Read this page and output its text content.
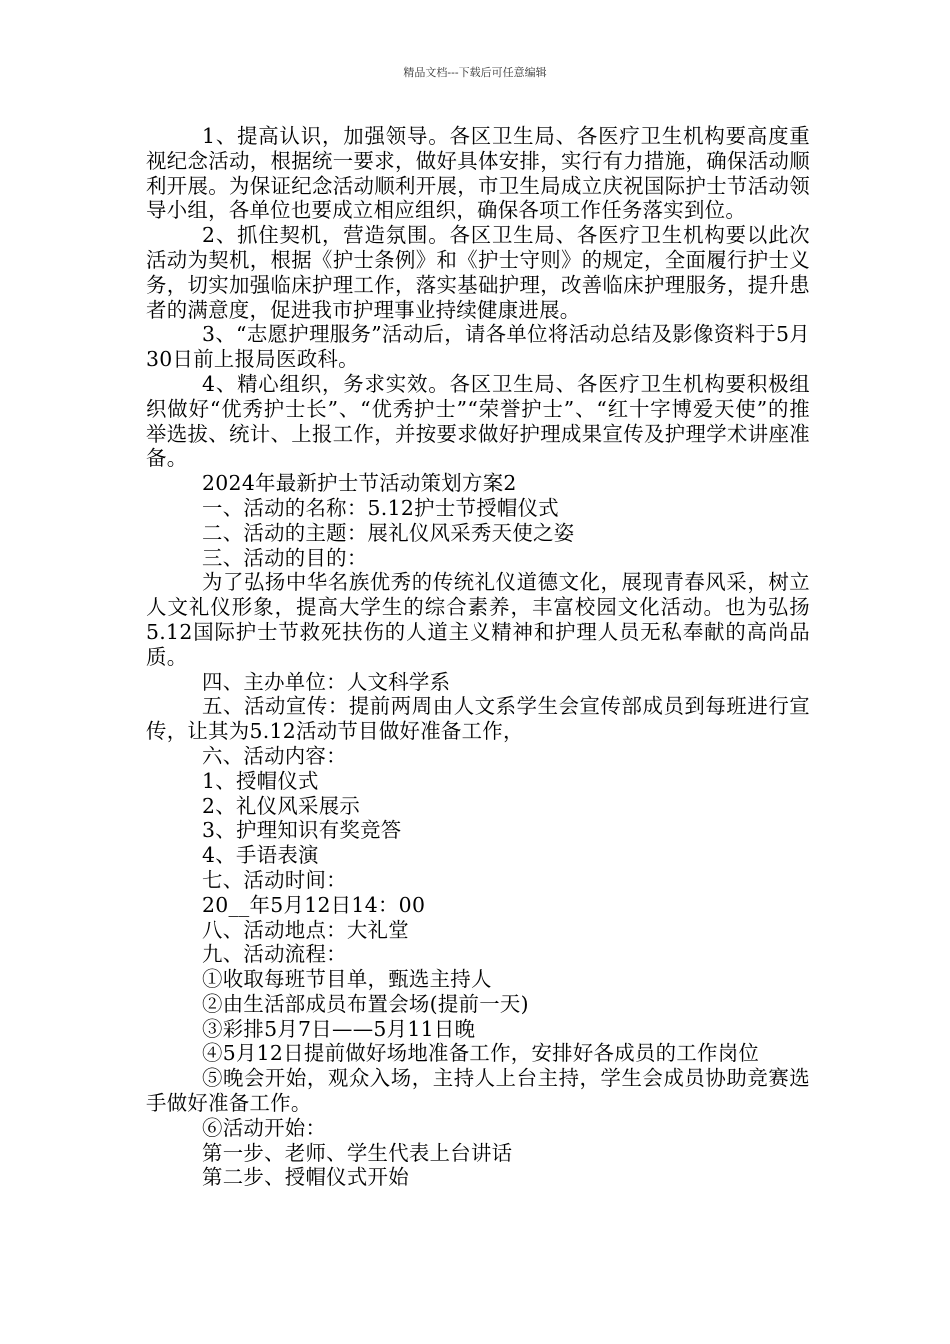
精品文档---下载后可任意编辑

1、提高认识，加强领导。各区卫生局、各医疗卫生机构要高度重视纪念活动，根据统一要求，做好具体安排，实行有力措施，确保活动顺利开展。为保证纪念活动顺利开展，市卫生局成立庆祝国际护士节活动领导小组，各单位也要成立相应组织，确保各项工作任务落实到位。

2、抓住契机，营造氛围。各区卫生局、各医疗卫生机构要以此次活动为契机，根据《护士条例》和《护士守则》的规定，全面履行护士义务，切实加强临床护理工作，落实基础护理，改善临床护理服务，提升患者的满意度，促进我市护理事业持续健康进展。

3、“志愿护理服务”活动后，请各单位将活动总结及影像资料于5月30日前上报局医政科。

4、精心组织，务求实效。各区卫生局、各医疗卫生机构要积极组织做好“优秀护士长”、“优秀护士”“荣誉护士”、“红十字博爱天使”的推举选拔、统计、上报工作，并按要求做好护理成果宣传及护理学术讲座准备。

2024年最新护士节活动策划方案2

一、活动的名称：5.12护士节授帽仪式

二、活动的主题：展礼仪风采秀天使之姿

三、活动的目的：

为了弘扬中华名族优秀的传统礼仪道德文化，展现青春风采，树立人文礼仪形象，提高大学生的综合素养，丰富校园文化活动。也为弘扬5.12国际护士节救死扶伤的人道主义精神和护理人员无私奉献的高尚品质。

四、主办单位：人文科学系

五、活动宣传：提前两周由人文系学生会宣传部成员到每班进行宣传，让其为5.12活动节目做好准备工作，

六、活动内容：

1、授帽仪式

2、礼仪风采展示

3、护理知识有奖竞答

4、手语表演

七、活动时间：

20__年5月12日14：00

八、活动地点：大礼堂

九、活动流程：

①收取每班节目单，甄选主持人

②由生活部成员布置会场(提前一天)

③彩排5月7日——5月11日晚

④5月12日提前做好场地准备工作，安排好各成员的工作岗位

⑤晚会开始，观众入场，主持人上台主持，学生会成员协助竞赛选手做好准备工作。

⑥活动开始：

第一步、老师、学生代表上台讲话

第二步、授帽仪式开始
